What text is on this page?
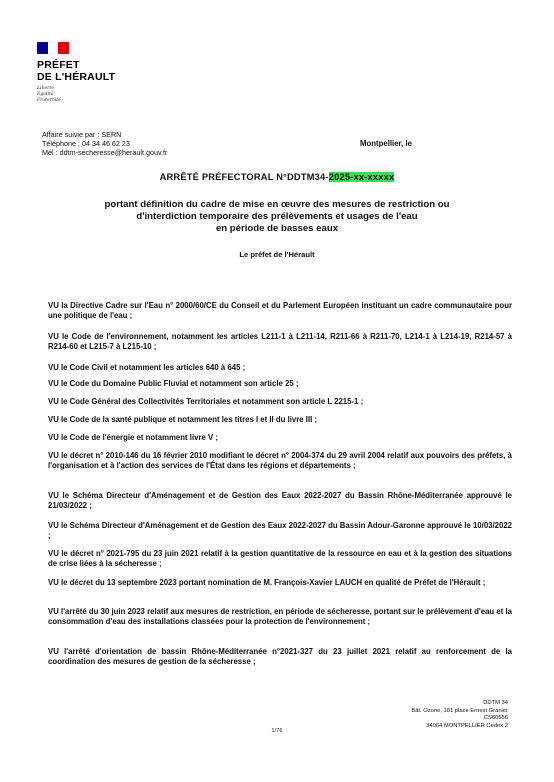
PRÉFET
DE L'HÉRAULT
Liberté
Égalité
Fraternité
Affaire suivie par : SERN
Téléphone : 04 34 46 62 23
Mél : ddtm-secheresse@herault.gouv.fr
Montpellier, le
ARRÊTÉ PRÉFECTORAL N°DDTM34-2025-xx-xxxxx
portant définition du cadre de mise en œuvre des mesures de restriction ou
d'interdiction temporaire des prélèvements et usages de l'eau
en période de basses eaux
Le préfet de l'Hérault
VU la Directive Cadre sur l'Eau n° 2000/60/CE du Conseil et du Parlement Européen instituant un cadre communautaire pour une politique de l'eau ;
VU le Code de l'environnement, notamment les articles L211-1 à L211-14, R211-66 à R211-70, L214-1 à L214-19, R214-57 à R214-60 et L215-7 à L215-10 ;
VU le Code Civil et notamment les articles 640 à 645 ;
VU le Code du Domaine Public Fluvial et notamment son article 25 ;
VU le Code Général des Collectivités Territoriales et notamment son article L 2215-1 ;
VU le Code de la santé publique et notamment les titres I et II du livre III ;
VU le Code de l'énergie et notamment livre V ;
VU le décret n° 2010-146 du 16 février 2010 modifiant le décret n° 2004-374 du 29 avril 2004 relatif aux pouvoirs des préfets, à l'organisation et à l'action des services de l'État dans les régions et départements ;
VU le Schéma Directeur d'Aménagement et de Gestion des Eaux 2022-2027 du Bassin Rhône-Méditerranée approuvé le 21/03/2022 ;
VU le Schéma Directeur d'Aménagement et de Gestion des Eaux 2022-2027 du Bassin Adour-Garonne approuvé le 10/03/2022 ;
VU le décret n° 2021-795 du 23 juin 2021 relatif à la gestion quantitative de la ressource en eau et à la gestion des situations de crise liées à la sécheresse ;
VU le décret du 13 septembre 2023 portant nomination de M. François-Xavier LAUCH en qualité de Préfet de l'Hérault ;
VU l'arrêté du 30 juin 2023 relatif aux mesures de restriction, en période de sécheresse, portant sur le prélèvement d'eau et la consommation d'eau des installations classées pour la protection de l'environnement ;
VU l'arrêté d'orientation de bassin Rhône-Méditerranée n°2021-327 du 23 juillet 2021 relatif au renforcement de la coordination des mesures de gestion de la sécheresse ;
DDTM 34
Bât. Ozone, 181 place Ernest Granier
CS60556
34064 MONTPELLIER Cedex 2
1/76
